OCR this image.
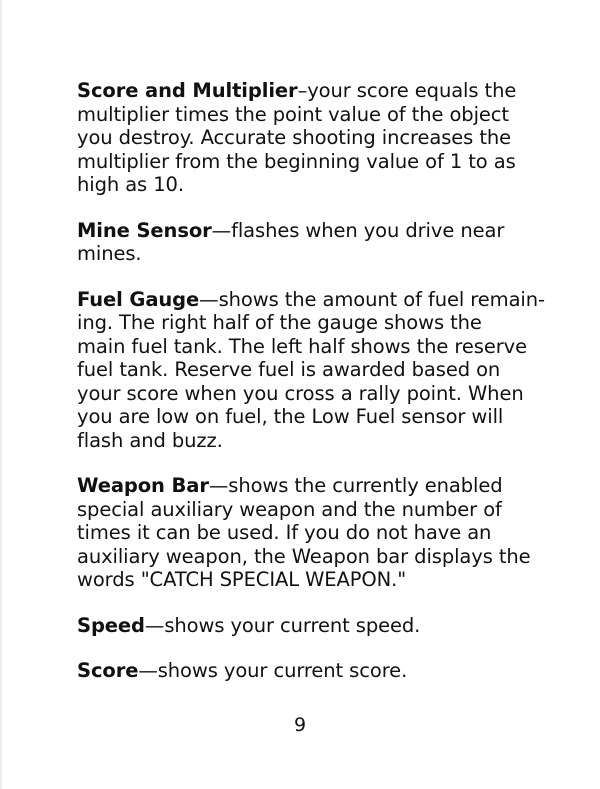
Score and Multiplier–your score equals the
multiplier times the point value of the object
you destroy. Accurate shooting increases the
multiplier from the beginning value of 1 to as
high as 10.

Mine Sensor—flashes when you drive near
mines.

Fuel Gauge—shows the amount of fuel remain-
ing. The right half of the gauge shows the
main fuel tank. The left half shows the reserve
fuel tank. Reserve fuel is awarded based on
your score when you cross a rally point. When
you are low on fuel, the Low Fuel sensor will
flash and buzz.

Weapon Bar—shows the currently enabled
special auxiliary weapon and the number of
times it can be used. If you do not have an
auxiliary weapon, the Weapon bar displays the
words "CATCH SPECIAL WEAPON."

Speed—shows your current speed.

Score—shows your current score.

9
